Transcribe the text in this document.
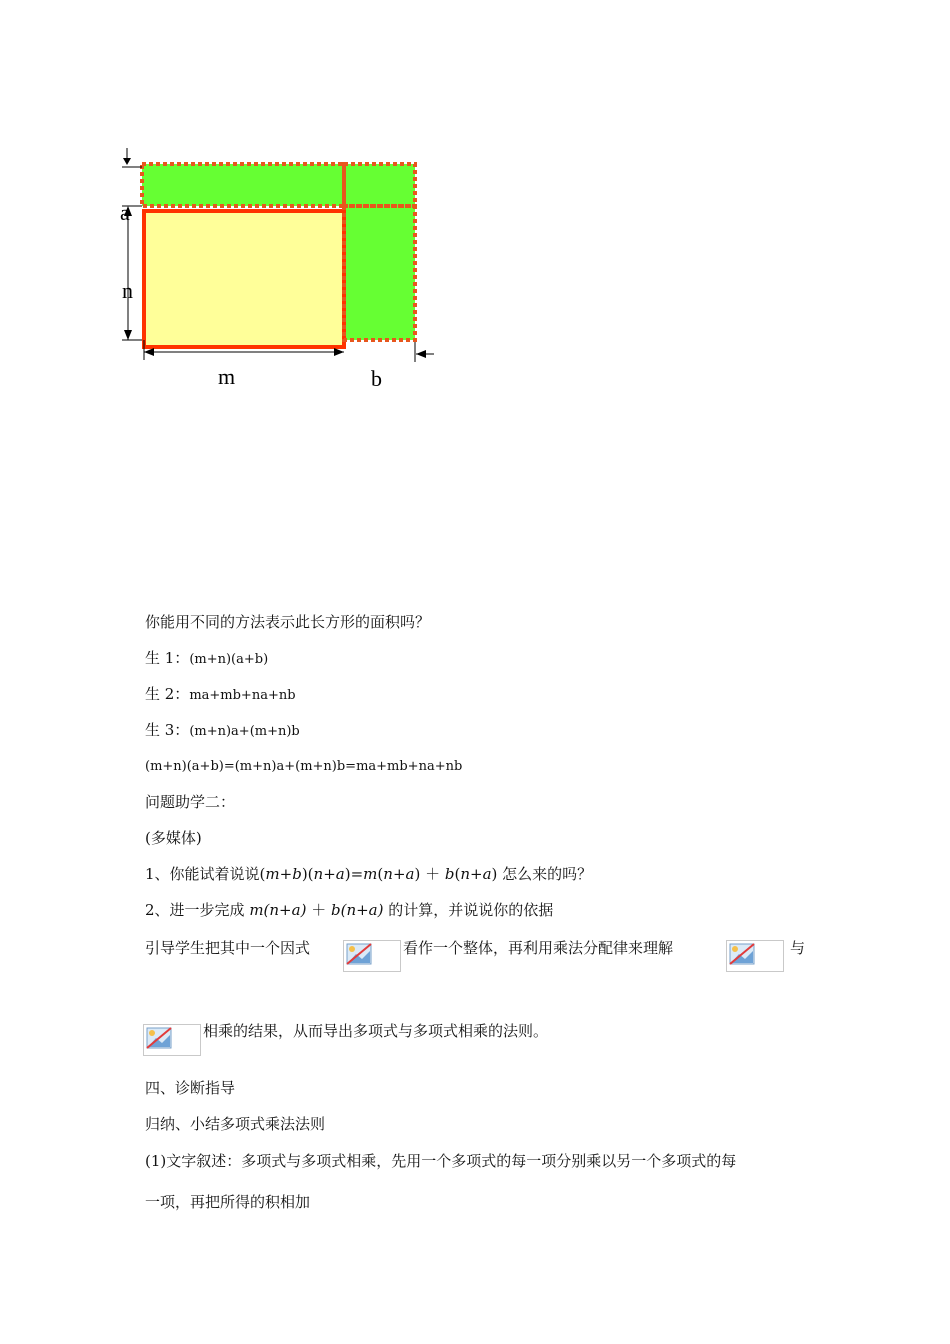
a
n
m	b
你能用不同的方法表示此长方形的面积吗？
生 1：(m+n)(a+b)
生 2：ma+mb+na+nb
生 3：(m+n)a+(m+n)b
(m+n)(a+b)=(m+n)a+(m+n)b=ma+mb+na+nb
问题助学二：
(多媒体)
1、你能试着说说(m+b)(n+a)=m(n+a) ＋ b(n+a) 怎么来的吗？
2、进一步完成 m(n+a) ＋ b(n+a) 的计算，并说说你的依据
引导学生把其中一个因式	看作一个整体，再利用乘法分配律来理解	与
相乘的结果，从而导出多项式与多项式相乘的法则。
四、诊断指导
归纳、小结多项式乘法法则
(1)文字叙述：多项式与多项式相乘，先用一个多项式的每一项分别乘以另一个多项式的每
一项，再把所得的积相加
